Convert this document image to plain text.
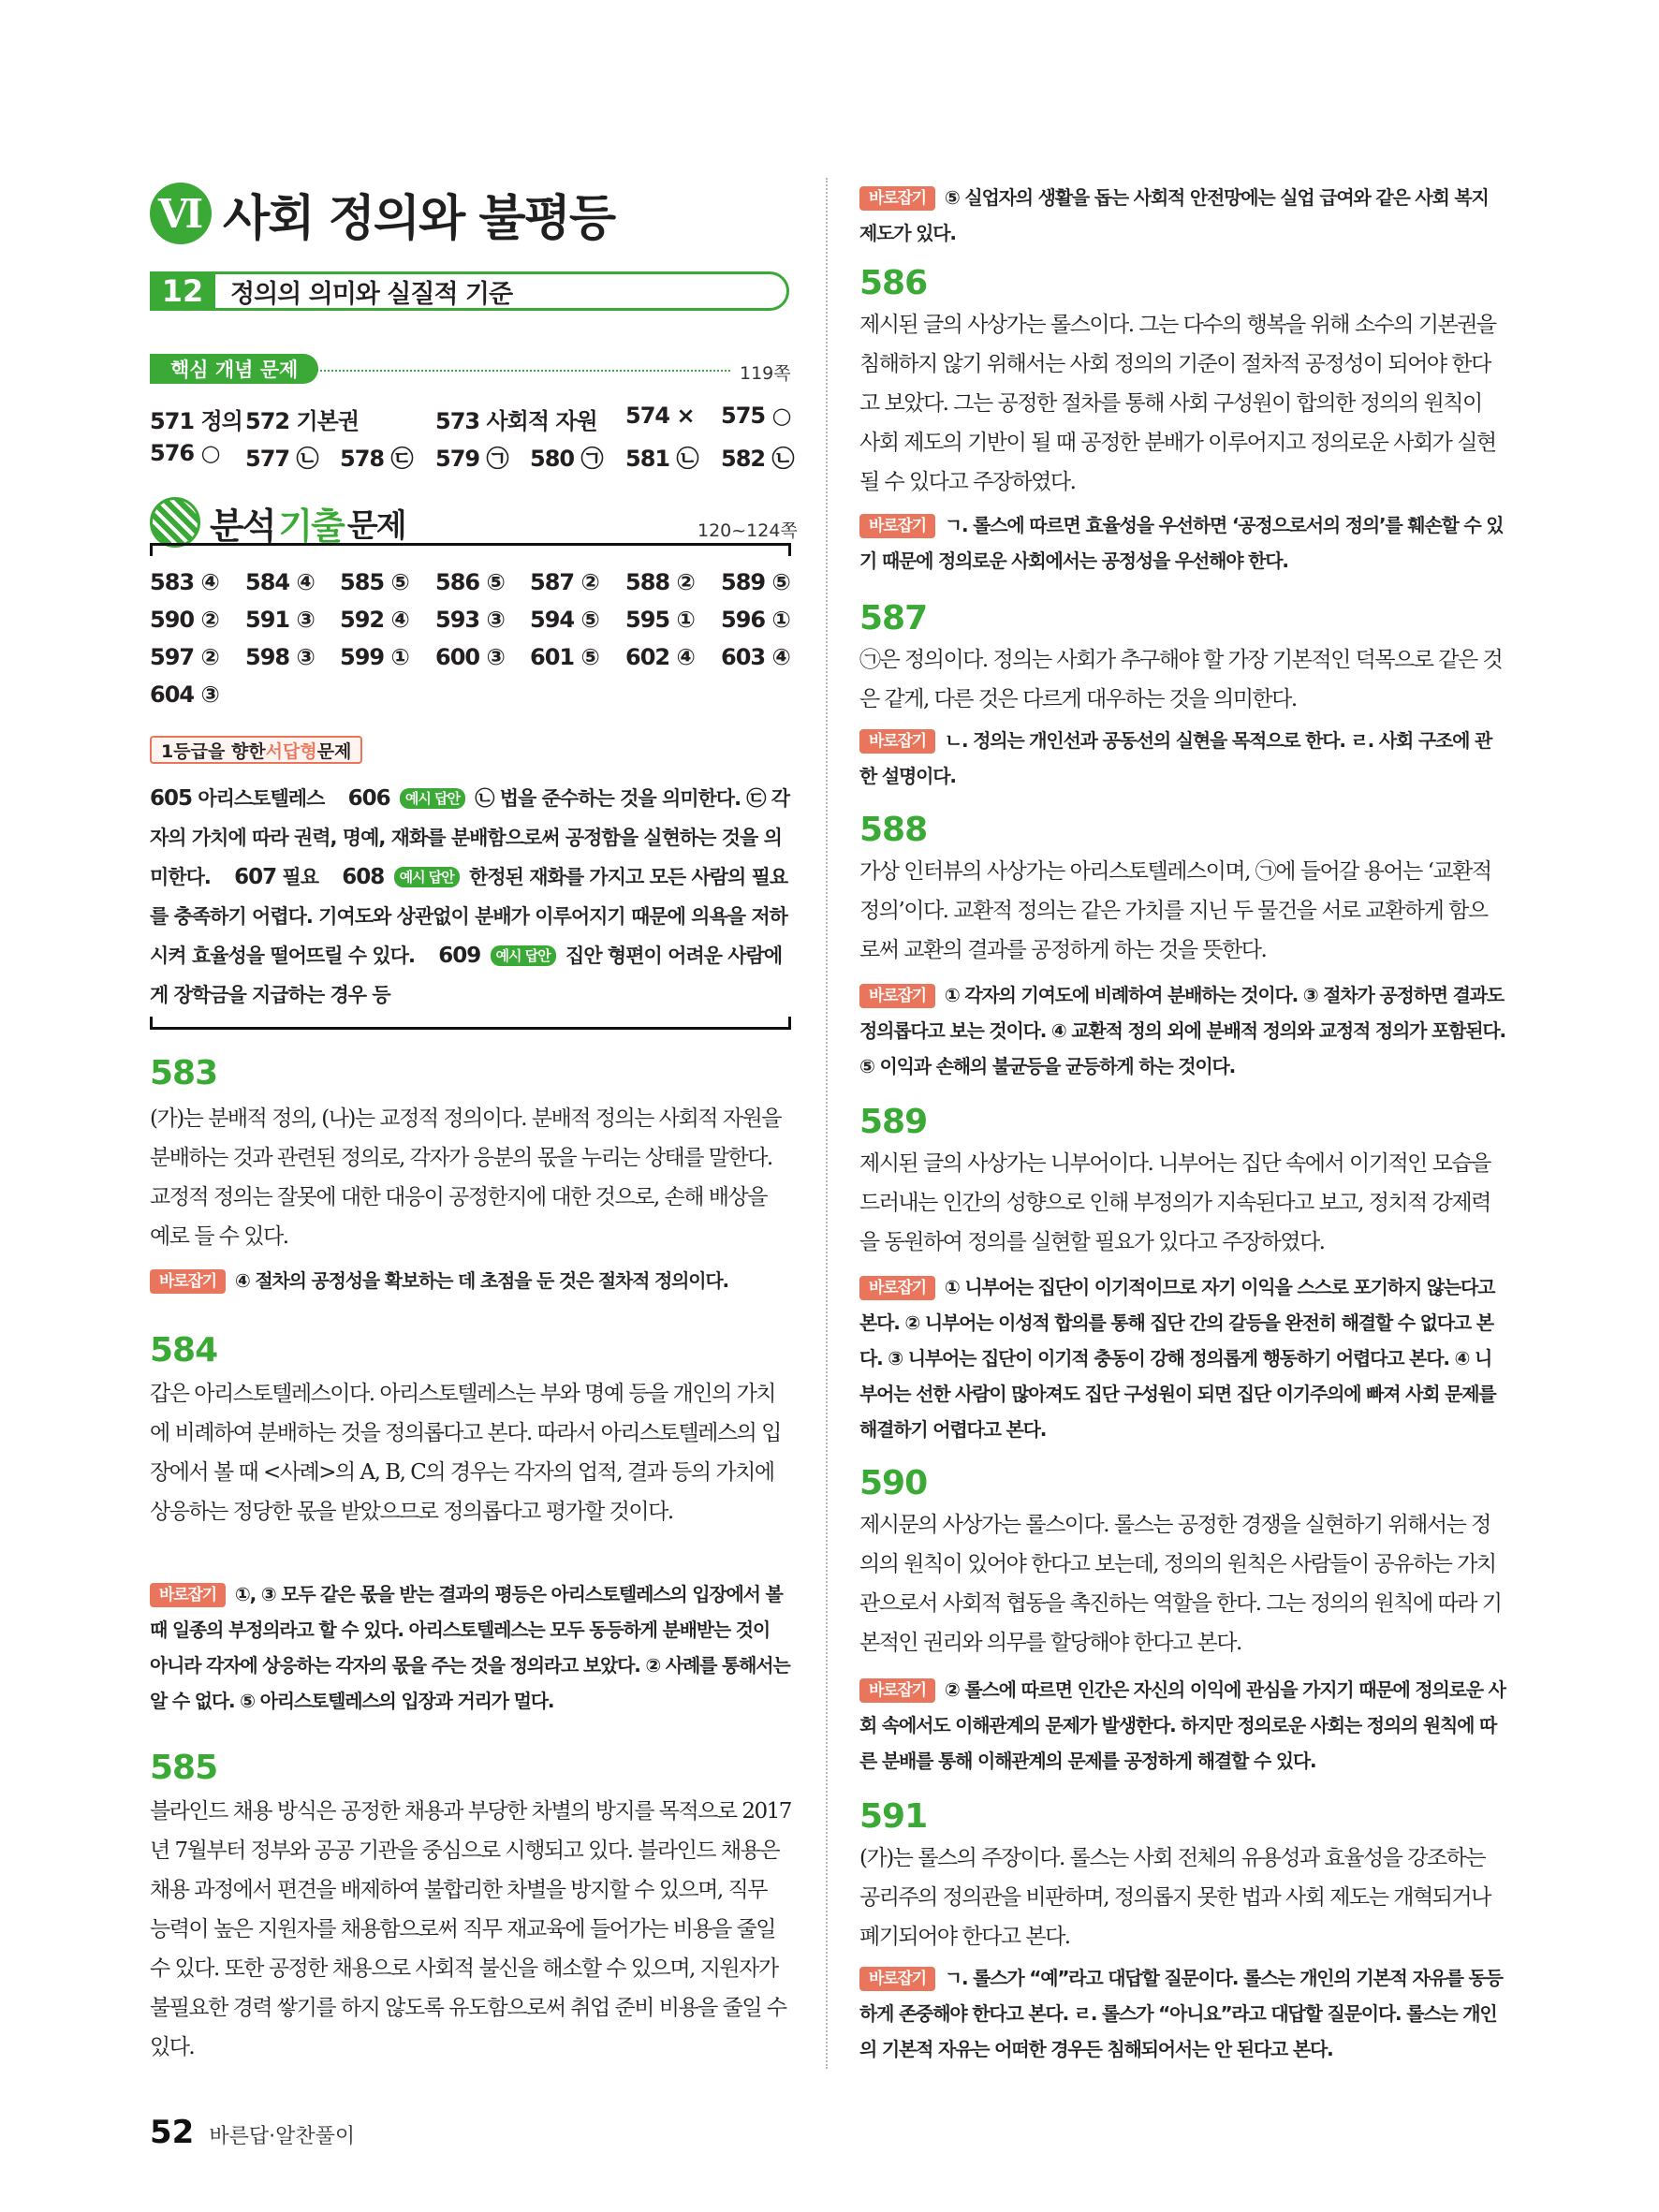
Ⅵ 사회 정의와 불평등
12	정의의 의미와 실질적 기준
핵심 개념 문제	119쪽
571 정의 572 기본권	573 사회적 자원 574 × 575 ○
576 ○ 577 ㉡ 578 ㉢ 579 ㉠ 580 ㉠ 581 ㉡ 582 ㉡
분석 기출 문제	120~124쪽
583 ④ 584 ④ 585 ⑤ 586 ⑤ 587 ② 588 ② 589 ⑤
590 ② 591 ③ 592 ④ 593 ③ 594 ⑤ 595 ① 596 ①
597 ② 598 ③ 599 ① 600 ③ 601 ⑤ 602 ④ 603 ④
604 ③
1등급 을 향한 서답형 문제
605 아리스토텔레스 606 예시 답안 ㉡ 법을 준수하는 것을 의미한다. ㉢ 각자의 가치에 따라 권력, 명예, 재화를 분배함으로써 공정함을 실현하는 것을 의미한다. 607 필요 608 예시 답안 한정된 재화를 가지고 모든 사람의 필요를 충족하기 어렵다. 기여도와 상관없이 분배가 이루어지기 때문에 의욕을 저하시켜 효율성을 떨어뜨릴 수 있다. 609 예시 답안 집안 형편이 어려운 사람에게 장학금을 지급하는 경우 등
583
(가)는 분배적 정의, (나)는 교정적 정의이다. 분배적 정의는 사회적 자원을 분배하는 것과 관련된 정의로, 각자가 응분의 몫을 누리는 상태를 말한다. 교정적 정의는 잘못에 대한 대응이 공정한지에 대한 것으로, 손해 배상을 예로 들 수 있다.
바로잡기 ④ 절차의 공정성을 확보하는 데 초점을 둔 것은 절차적 정의이다.
584
갑은 아리스토텔레스이다. 아리스토텔레스는 부와 명예 등을 개인의 가치에 비례하여 분배하는 것을 정의롭다고 본다. 따라서 아리스토텔레스의 입장에서 볼 때 <사례>의 A, B, C의 경우는 각자의 업적, 결과 등의 가치에 상응하는 정당한 몫을 받았으므로 정의롭다고 평가할 것이다.
바로잡기 ①, ③ 모두 같은 몫을 받는 결과의 평등은 아리스토텔레스의 입장에서 볼 때 일종의 부정의라고 할 수 있다. 아리스토텔레스는 모두 동등하게 분배받는 것이 아니라 각자에 상응하는 각자의 몫을 주는 것을 정의라고 보았다. ② 사례를 통해서는 알 수 없다. ⑤ 아리스토텔레스의 입장과 거리가 멀다.
585
블라인드 채용 방식은 공정한 채용과 부당한 차별의 방지를 목적으로 2017년 7월부터 정부와 공공 기관을 중심으로 시행되고 있다. 블라인드 채용은 채용 과정에서 편견을 배제하여 불합리한 차별을 방지할 수 있으며, 직무 능력이 높은 지원자를 채용함으로써 직무 재교육에 들어가는 비용을 줄일 수 있다. 또한 공정한 채용으로 사회적 불신을 해소할 수 있으며, 지원자가 불필요한 경력 쌓기를 하지 않도록 유도함으로써 취업 준비 비용을 줄일 수 있다.
바로잡기 ⑤ 실업자의 생활을 돕는 사회적 안전망에는 실업 급여와 같은 사회 복지 제도가 있다.
586
제시된 글의 사상가는 롤스이다. 그는 다수의 행복을 위해 소수의 기본권을 침해하지 않기 위해서는 사회 정의의 기준이 절차적 공정성이 되어야 한다고 보았다. 그는 공정한 절차를 통해 사회 구성원이 합의한 정의의 원칙이 사회 제도의 기반이 될 때 공정한 분배가 이루어지고 정의로운 사회가 실현될 수 있다고 주장하였다.
바로잡기 ㄱ. 롤스에 따르면 효율성을 우선하면 ‘공정으로서의 정의’를 훼손할 수 있기 때문에 정의로운 사회에서는 공정성을 우선해야 한다.
587
㉠은 정의이다. 정의는 사회가 추구해야 할 가장 기본적인 덕목으로 같은 것은 같게, 다른 것은 다르게 대우하는 것을 의미한다.
바로잡기 ㄴ. 정의는 개인선과 공동선의 실현을 목적으로 한다. ㄹ. 사회 구조에 관한 설명이다.
588
가상 인터뷰의 사상가는 아리스토텔레스이며, ㉠에 들어갈 용어는 ‘교환적 정의’이다. 교환적 정의는 같은 가치를 지닌 두 물건을 서로 교환하게 함으로써 교환의 결과를 공정하게 하는 것을 뜻한다.
바로잡기 ① 각자의 기여도에 비례하여 분배하는 것이다. ③ 절차가 공정하면 결과도 정의롭다고 보는 것이다. ④ 교환적 정의 외에 분배적 정의와 교정적 정의가 포함된다. ⑤ 이익과 손해의 불균등을 균등하게 하는 것이다.
589
제시된 글의 사상가는 니부어이다. 니부어는 집단 속에서 이기적인 모습을 드러내는 인간의 성향으로 인해 부정의가 지속된다고 보고, 정치적 강제력을 동원하여 정의를 실현할 필요가 있다고 주장하였다.
바로잡기 ① 니부어는 집단이 이기적이므로 자기 이익을 스스로 포기하지 않는다고 본다. ② 니부어는 이성적 합의를 통해 집단 간의 갈등을 완전히 해결할 수 없다고 본다. ③ 니부어는 집단이 이기적 충동이 강해 정의롭게 행동하기 어렵다고 본다. ④ 니부어는 선한 사람이 많아져도 집단 구성원이 되면 집단 이기주의에 빠져 사회 문제를 해결하기 어렵다고 본다.
590
제시문의 사상가는 롤스이다. 롤스는 공정한 경쟁을 실현하기 위해서는 정의의 원칙이 있어야 한다고 보는데, 정의의 원칙은 사람들이 공유하는 가치관으로서 사회적 협동을 촉진하는 역할을 한다. 그는 정의의 원칙에 따라 기본적인 권리와 의무를 할당해야 한다고 본다.
바로잡기 ② 롤스에 따르면 인간은 자신의 이익에 관심을 가지기 때문에 정의로운 사회 속에서도 이해관계의 문제가 발생한다. 하지만 정의로운 사회는 정의의 원칙에 따른 분배를 통해 이해관계의 문제를 공정하게 해결할 수 있다.
591
(가)는 롤스의 주장이다. 롤스는 사회 전체의 유용성과 효율성을 강조하는 공리주의 정의관을 비판하며, 정의롭지 못한 법과 사회 제도는 개혁되거나 폐기되어야 한다고 본다.
바로잡기 ㄱ. 롤스가 “예”라고 대답할 질문이다. 롤스는 개인의 기본적 자유를 동등하게 존중해야 한다고 본다. ㄹ. 롤스가 “아니요”라고 대답할 질문이다. 롤스는 개인의 기본적 자유는 어떠한 경우든 침해되어서는 안 된다고 본다.
52 바른답·알찬풀이
